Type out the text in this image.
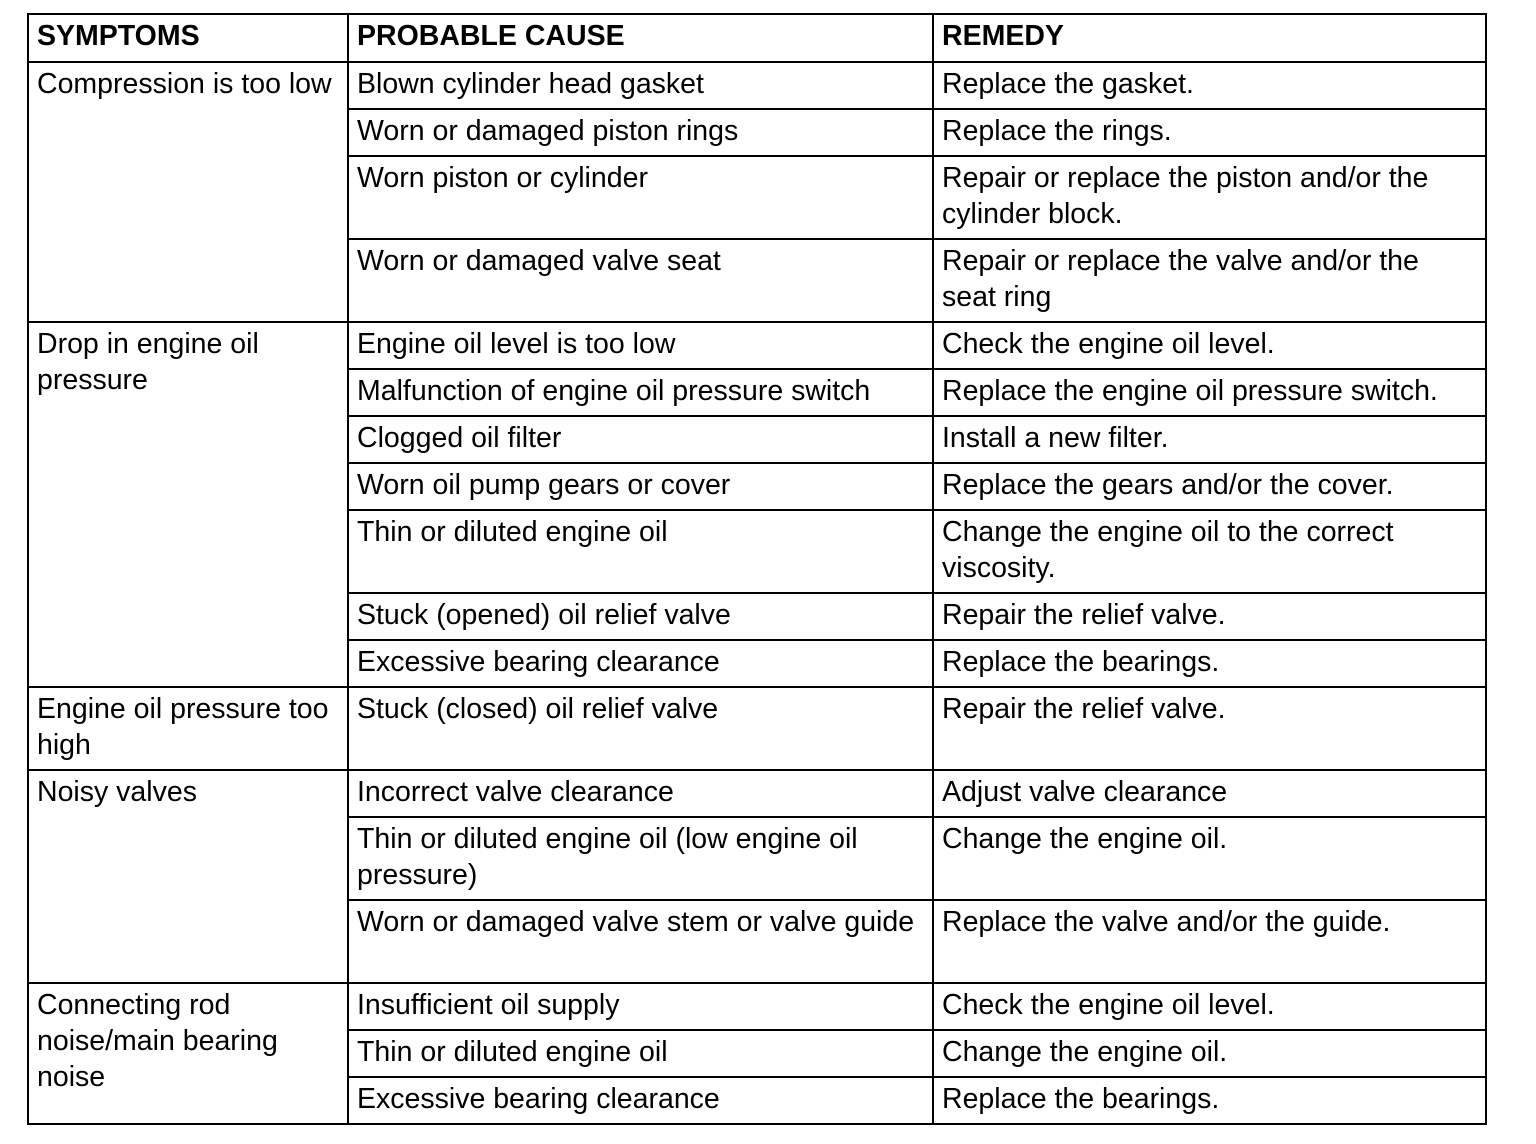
SYMPTOMS	PROBABLE CAUSE	REMEDY
Compression is too low	Blown cylinder head gasket	Replace the gasket.
	Worn or damaged piston rings	Replace the rings.
	Worn piston or cylinder	Repair or replace the piston and/or the cylinder block.
	Worn or damaged valve seat	Repair or replace the valve and/or the seat ring
Drop in engine oil pressure	Engine oil level is too low	Check the engine oil level.
	Malfunction of engine oil pressure switch	Replace the engine oil pressure switch.
	Clogged oil filter	Install a new filter.
	Worn oil pump gears or cover	Replace the gears and/or the cover.
	Thin or diluted engine oil	Change the engine oil to the correct viscosity.
	Stuck (opened) oil relief valve	Repair the relief valve.
	Excessive bearing clearance	Replace the bearings.
Engine oil pressure too high	Stuck (closed) oil relief valve	Repair the relief valve.
Noisy valves	Incorrect valve clearance	Adjust valve clearance
	Thin or diluted engine oil (low engine oil pressure)	Change the engine oil.
	Worn or damaged valve stem or valve guide	Replace the valve and/or the guide.
Connecting rod noise/main bearing noise	Insufficient oil supply	Check the engine oil level.
	Thin or diluted engine oil	Change the engine oil.
	Excessive bearing clearance	Replace the bearings.
